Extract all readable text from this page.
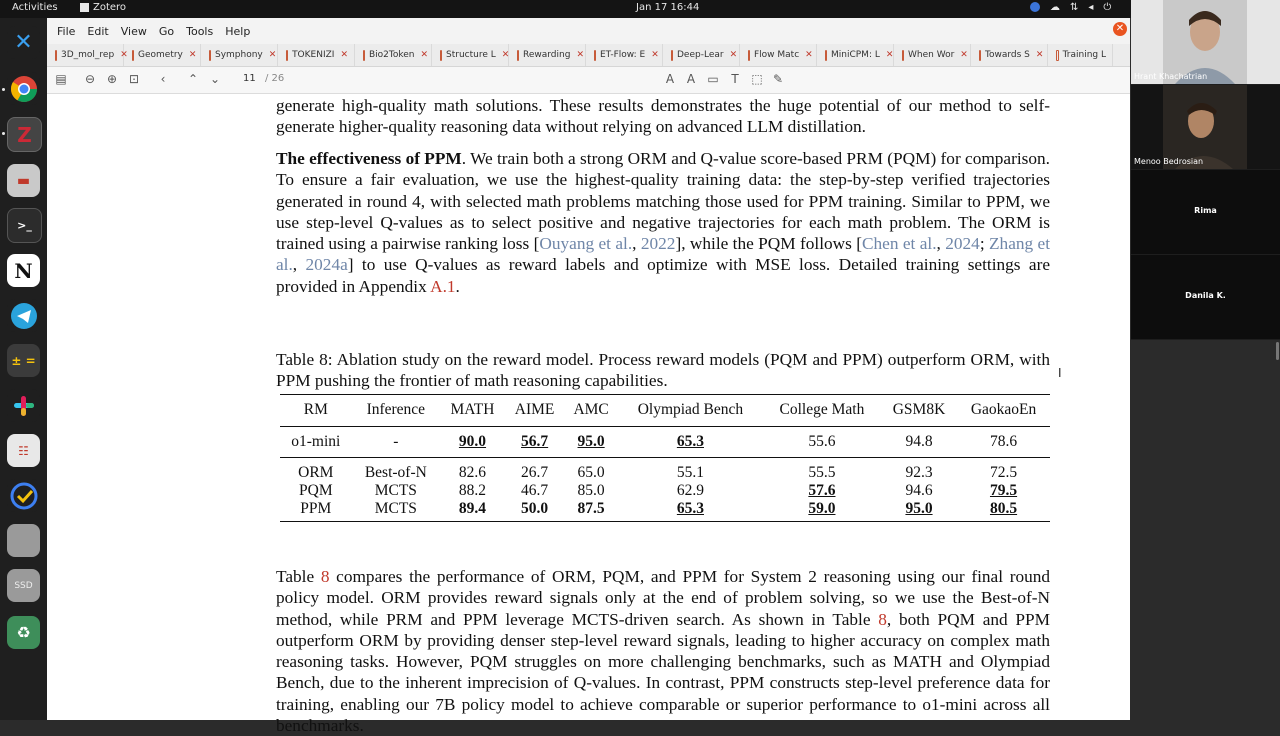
Activities	Zotero	Jan 17 16:44	☁ ⇅ ◂ ⏻
✕
Z
▬
>_
N
± =
☷
SSD
♻
File Edit View Go Tools Help	✕
3D_mol_rep ✕ Geometry ✕ Symphony ✕ TOKENIZI ✕ Bio2Token ✕ Structure L ✕ Rewarding ✕ ET-Flow: E ✕ Deep-Lear ✕ Flow Matc ✕ MiniCPM: L ✕ When Wor ✕ Towards S ✕ Training L
▤ ⊖ ⊕ ⊡	‹	⌃ ⌄ 11 / 26	A	A	▭	T	⬚ ✎
generate high-quality math solutions. These results demonstrates the huge potential of our method to self-generate higher-quality reasoning data without relying on advanced LLM distillation.
The effectiveness of PPM. We train both a strong ORM and Q-value score-based PRM (PQM) for comparison. To ensure a fair evaluation, we use the highest-quality training data: the step-by-step verified trajectories generated in round 4, with selected math problems matching those used for PPM training. Similar to PPM, we use step-level Q-values as to select positive and negative trajectories for each math problem. The ORM is trained using a pairwise ranking loss [Ouyang et al., 2022], while the PQM follows [Chen et al., 2024; Zhang et al., 2024a] to use Q-values as reward labels and optimize with MSE loss. Detailed training settings are provided in Appendix A.1.
Table 8: Ablation study on the reward model. Process reward models (PQM and PPM) outperform ORM, with PPM pushing the frontier of math reasoning capabilities.
RM	Inference	MATH	AIME	AMC	Olympiad Bench	College Math	GSM8K	GaokaoEn
o1-mini	-	90.0	56.7	95.0	65.3	55.6	94.8	78.6
ORM	Best-of-N	82.6	26.7	65.0	55.1	55.5	92.3	72.5
PQM	MCTS	88.2	46.7	85.0	62.9	57.6	94.6	79.5
PPM	MCTS	89.4	50.0	87.5	65.3	59.0	95.0	80.5
Table 8 compares the performance of ORM, PQM, and PPM for System 2 reasoning using our final round policy model. ORM provides reward signals only at the end of problem solving, so we use the Best-of-N method, while PRM and PPM leverage MCTS-driven search. As shown in Table 8, both PQM and PPM outperform ORM by providing denser step-level reward signals, leading to higher accuracy on complex math reasoning tasks. However, PQM struggles on more challenging benchmarks, such as MATH and Olympiad Bench, due to the inherent imprecision of Q-values. In contrast, PPM constructs step-level preference data for training, enabling our 7B policy model to achieve comparable or superior performance to o1-mini across all benchmarks.
I
Hrant Khachatrian
Menoo Bedrosian
Rima
Danila K.
